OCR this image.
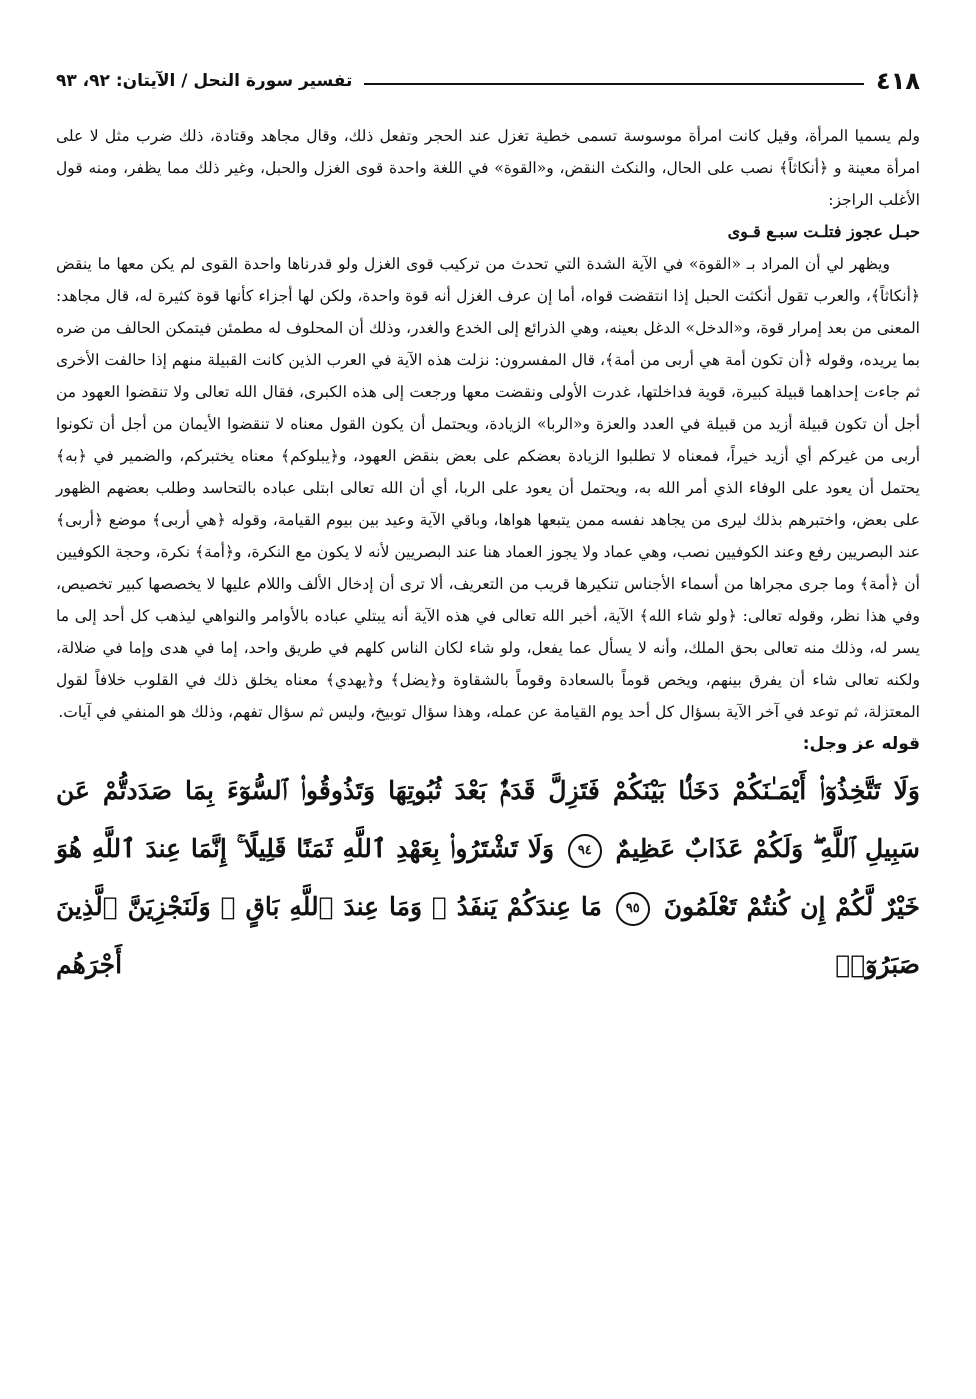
٤١٨
تفسير سورة النحل / الآيتان: ٩٢، ٩٣

ولم يسميا المرأة، وقيل كانت امرأة موسوسة تسمى خطية تغزل عند الحجر وتفعل ذلك، وقال مجاهد وقتادة، ذلك ضرب مثل لا على امرأة معينة و ﴿أنكاثاً﴾ نصب على الحال، والنكث النقض، و«القوة» في اللغة واحدة قوى الغزل والحبل، وغير ذلك مما يظفر، ومنه قول الأغلب الراجز:

حبـل عجوز فتلـت سبـع قـوى

ويظهر لي أن المراد بـ «القوة» في الآية الشدة التي تحدث من تركيب قوى الغزل ولو قدرناها واحدة القوى لم يكن معها ما ينقض ﴿أنكاثاً﴾، والعرب تقول أنكثت الحبل إذا انتقضت قواه، أما إن عرف الغزل أنه قوة واحدة، ولكن لها أجزاء كأنها قوة كثيرة له، قال مجاهد: المعنى من بعد إمرار قوة، و«الدخل» الدغل بعينه، وهي الذرائع إلى الخدع والغدر، وذلك أن المحلوف له مطمئن فيتمكن الحالف من ضره بما يريده، وقوله ﴿أن تكون أمة هي أربى من أمة﴾، قال المفسرون: نزلت هذه الآية في العرب الذين كانت القبيلة منهم إذا حالفت الأخرى ثم جاءت إحداهما قبيلة كبيرة، قوية فداخلتها، غدرت الأولى ونقضت معها ورجعت إلى هذه الكبرى، فقال الله تعالى ولا تنقضوا العهود من أجل أن تكون قبيلة أزيد من قبيلة في العدد والعزة و«الربا» الزيادة، ويحتمل أن يكون القول معناه لا تنقضوا الأيمان من أجل أن تكونوا أربى من غيركم أي أزيد خيراً، فمعناه لا تطلبوا الزيادة بعضكم على بعض بنقض العهود، و﴿يبلوكم﴾ معناه يختبركم، والضمير في ﴿به﴾ يحتمل أن يعود على الوفاء الذي أمر الله به، ويحتمل أن يعود على الربا، أي أن الله تعالى ابتلى عباده بالتحاسد وطلب بعضهم الظهور على بعض، واختبرهم بذلك ليرى من يجاهد نفسه ممن يتبعها هواها، وباقي الآية وعيد بين بيوم القيامة، وقوله ﴿هي أربى﴾ موضع ﴿أربى﴾ عند البصريين رفع وعند الكوفيين نصب، وهي عماد ولا يجوز العماد هنا عند البصريين لأنه لا يكون مع النكرة، و﴿أمة﴾ نكرة، وحجة الكوفيين أن ﴿أمة﴾ وما جرى مجراها من أسماء الأجناس تنكيرها قريب من التعريف، ألا ترى أن إدخال الألف واللام عليها لا يخصصها كبير تخصيص، وفي هذا نظر، وقوله تعالى: ﴿ولو شاء الله﴾ الآية، أخبر الله تعالى في هذه الآية أنه يبتلي عباده بالأوامر والنواهي ليذهب كل أحد إلى ما يسر له، وذلك منه تعالى بحق الملك، وأنه لا يسأل عما يفعل، ولو شاء لكان الناس كلهم في طريق واحد، إما في هدى وإما في ضلالة، ولكنه تعالى شاء أن يفرق بينهم، ويخص قوماً بالسعادة وقوماً بالشقاوة و﴿يضل﴾ و﴿يهدي﴾ معناه يخلق ذلك في القلوب خلافاً لقول المعتزلة، ثم توعد في آخر الآية بسؤال كل أحد يوم القيامة عن عمله، وهذا سؤال توبيخ، وليس ثم سؤال تفهم، وذلك هو المنفي في آيات.

قوله عز وجل:
وَلَا تَتَّخِذُوٓا۟ أَيْمَـٰنَكُمْ دَخَلًۢا بَيْنَكُمْ فَتَزِلَّ قَدَمٌۢ بَعْدَ ثُبُوتِهَا وَتَذُوقُوا۟ ٱلسُّوٓءَ بِمَا صَدَدتُّمْ عَن سَبِيلِ ٱللَّهِ ۖ وَلَكُمْ عَذَابٌ عَظِيمٌ ٩٤ وَلَا تَشْتَرُوا۟ بِعَهْدِ ٱللَّهِ ثَمَنًا قَلِيلًا ۚ إِنَّمَا عِندَ ٱللَّهِ هُوَ خَيْرٌ لَّكُمْ إِن كُنتُمْ تَعْلَمُونَ ٩٥ مَا عِندَكُمْ يَنفَدُ ۖ وَمَا عِندَ ٱللَّهِ بَاقٍ ۗ وَلَنَجْزِيَنَّ ٱلَّذِينَ صَبَرُوٓا۟ أَجْرَهُم
